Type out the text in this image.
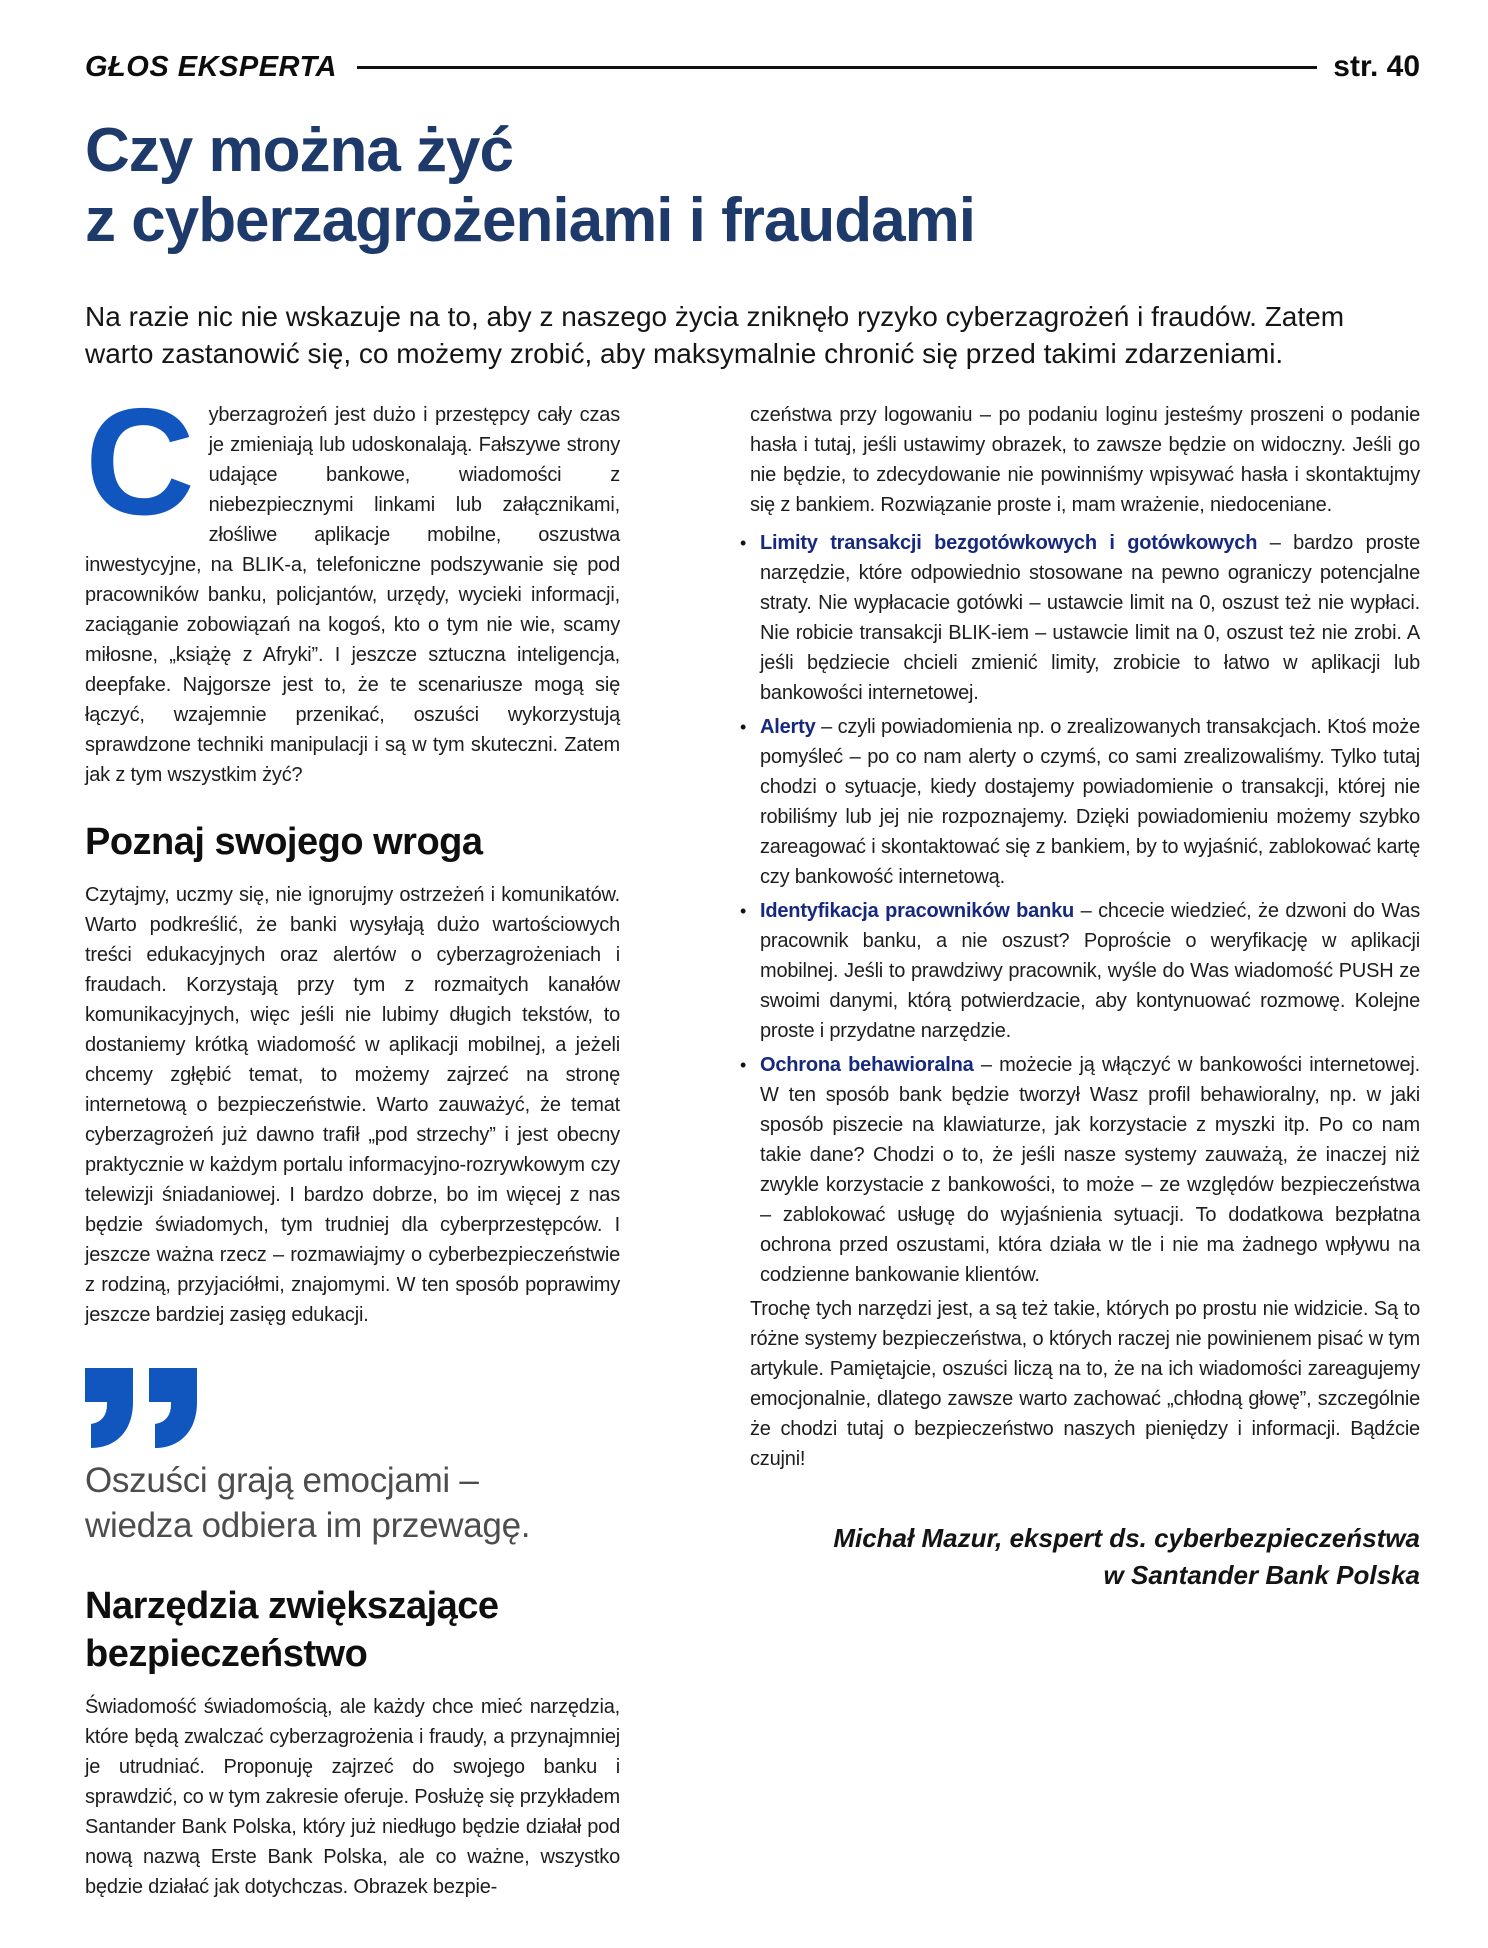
GŁOS EKSPERTA	str. 40
Czy można żyć
z cyberzagrożeniami i fraudami
Na razie nic nie wskazuje na to, aby z naszego życia zniknęło ryzyko cyberzagrożeń i fraudów. Zatem warto zastanowić się, co możemy zrobić, aby maksymalnie chronić się przed takimi zdarzeniami.

Cyberzagrożeń jest dużo i przestępcy cały czas je zmieniają lub udoskonalają. Fałszywe strony udające bankowe, wiadomości z niebezpiecznymi linkami lub załącznikami, złośliwe aplikacje mobilne, oszustwa inwestycyjne, na BLIK-a, telefoniczne podszywanie się pod pracowników banku, policjantów, urzędy, wycieki informacji, zaciąganie zobowiązań na kogoś, kto o tym nie wie, scamy miłosne, „książę z Afryki”. I jeszcze sztuczna inteligencja, deepfake. Najgorsze jest to, że te scenariusze mogą się łączyć, wzajemnie przenikać, oszuści wykorzystują sprawdzone techniki manipulacji i są w tym skuteczni. Zatem jak z tym wszystkim żyć?

Poznaj swojego wroga

Czytajmy, uczmy się, nie ignorujmy ostrzeżeń i komunikatów. Warto podkreślić, że banki wysyłają dużo wartościowych treści edukacyjnych oraz alertów o cyberzagrożeniach i fraudach. Korzystają przy tym z rozmaitych kanałów komunikacyjnych, więc jeśli nie lubimy długich tekstów, to dostaniemy krótką wiadomość w aplikacji mobilnej, a jeżeli chcemy zgłębić temat, to możemy zajrzeć na stronę internetową o bezpieczeństwie. Warto zauważyć, że temat cyberzagrożeń już dawno trafił „pod strzechy” i jest obecny praktycznie w każdym portalu informacyjno-rozrywkowym czy telewizji śniadaniowej. I bardzo dobrze, bo im więcej z nas będzie świadomych, tym trudniej dla cyberprzestępców. I jeszcze ważna rzecz – rozmawiajmy o cyberbezpieczeństwie z rodziną, przyjaciółmi, znajomymi. W ten sposób poprawimy jeszcze bardziej zasięg edukacji.

Oszuści grają emocjami –
wiedza odbiera im przewagę.
Narzędzia zwiększające
bezpieczeństwo

Świadomość świadomością, ale każdy chce mieć narzędzia, które będą zwalczać cyberzagrożenia i fraudy, a przynajmniej je utrudniać. Proponuję zajrzeć do swojego banku i sprawdzić, co w tym zakresie oferuje. Posłużę się przykładem Santander Bank Polska, który już niedługo będzie działał pod nową nazwą Erste Bank Polska, ale co ważne, wszystko będzie działać jak dotychczas. Obrazek bezpie-

czeństwa przy logowaniu – po podaniu loginu jesteśmy proszeni o podanie hasła i tutaj, jeśli ustawimy obrazek, to zawsze będzie on widoczny. Jeśli go nie będzie, to zdecydowanie nie powinniśmy wpisywać hasła i skontaktujmy się z bankiem. Rozwiązanie proste i, mam wrażenie, niedoceniane.

• Limity transakcji bezgotówkowych i gotówkowych – bardzo proste narzędzie, które odpowiednio stosowane na pewno ograniczy potencjalne straty. Nie wypłacacie gotówki – ustawcie limit na 0, oszust też nie wypłaci. Nie robicie transakcji BLIK-iem – ustawcie limit na 0, oszust też nie zrobi. A jeśli będziecie chcieli zmienić limity, zrobicie to łatwo w aplikacji lub bankowości internetowej.
• Alerty – czyli powiadomienia np. o zrealizowanych transakcjach. Ktoś może pomyśleć – po co nam alerty o czymś, co sami zrealizowaliśmy. Tylko tutaj chodzi o sytuacje, kiedy dostajemy powiadomienie o transakcji, której nie robiliśmy lub jej nie rozpoznajemy. Dzięki powiadomieniu możemy szybko zareagować i skontaktować się z bankiem, by to wyjaśnić, zablokować kartę czy bankowość internetową.
• Identyfikacja pracowników banku – chcecie wiedzieć, że dzwoni do Was pracownik banku, a nie oszust? Poproście o weryfikację w aplikacji mobilnej. Jeśli to prawdziwy pracownik, wyśle do Was wiadomość PUSH ze swoimi danymi, którą potwierdzacie, aby kontynuować rozmowę. Kolejne proste i przydatne narzędzie.
• Ochrona behawioralna – możecie ją włączyć w bankowości internetowej. W ten sposób bank będzie tworzył Wasz profil behawioralny, np. w jaki sposób piszecie na klawiaturze, jak korzystacie z myszki itp. Po co nam takie dane? Chodzi o to, że jeśli nasze systemy zauważą, że inaczej niż zwykle korzystacie z bankowości, to może – ze względów bezpieczeństwa – zablokować usługę do wyjaśnienia sytuacji. To dodatkowa bezpłatna ochrona przed oszustami, która działa w tle i nie ma żadnego wpływu na codzienne bankowanie klientów.

Trochę tych narzędzi jest, a są też takie, których po prostu nie widzicie. Są to różne systemy bezpieczeństwa, o których raczej nie powinienem pisać w tym artykule. Pamiętajcie, oszuści liczą na to, że na ich wiadomości zareagujemy emocjonalnie, dlatego zawsze warto zachować „chłodną głowę”, szczególnie że chodzi tutaj o bezpieczeństwo naszych pieniędzy i informacji. Bądźcie czujni!

Michał Mazur, ekspert ds. cyberbezpieczeństwa
w Santander Bank Polska
